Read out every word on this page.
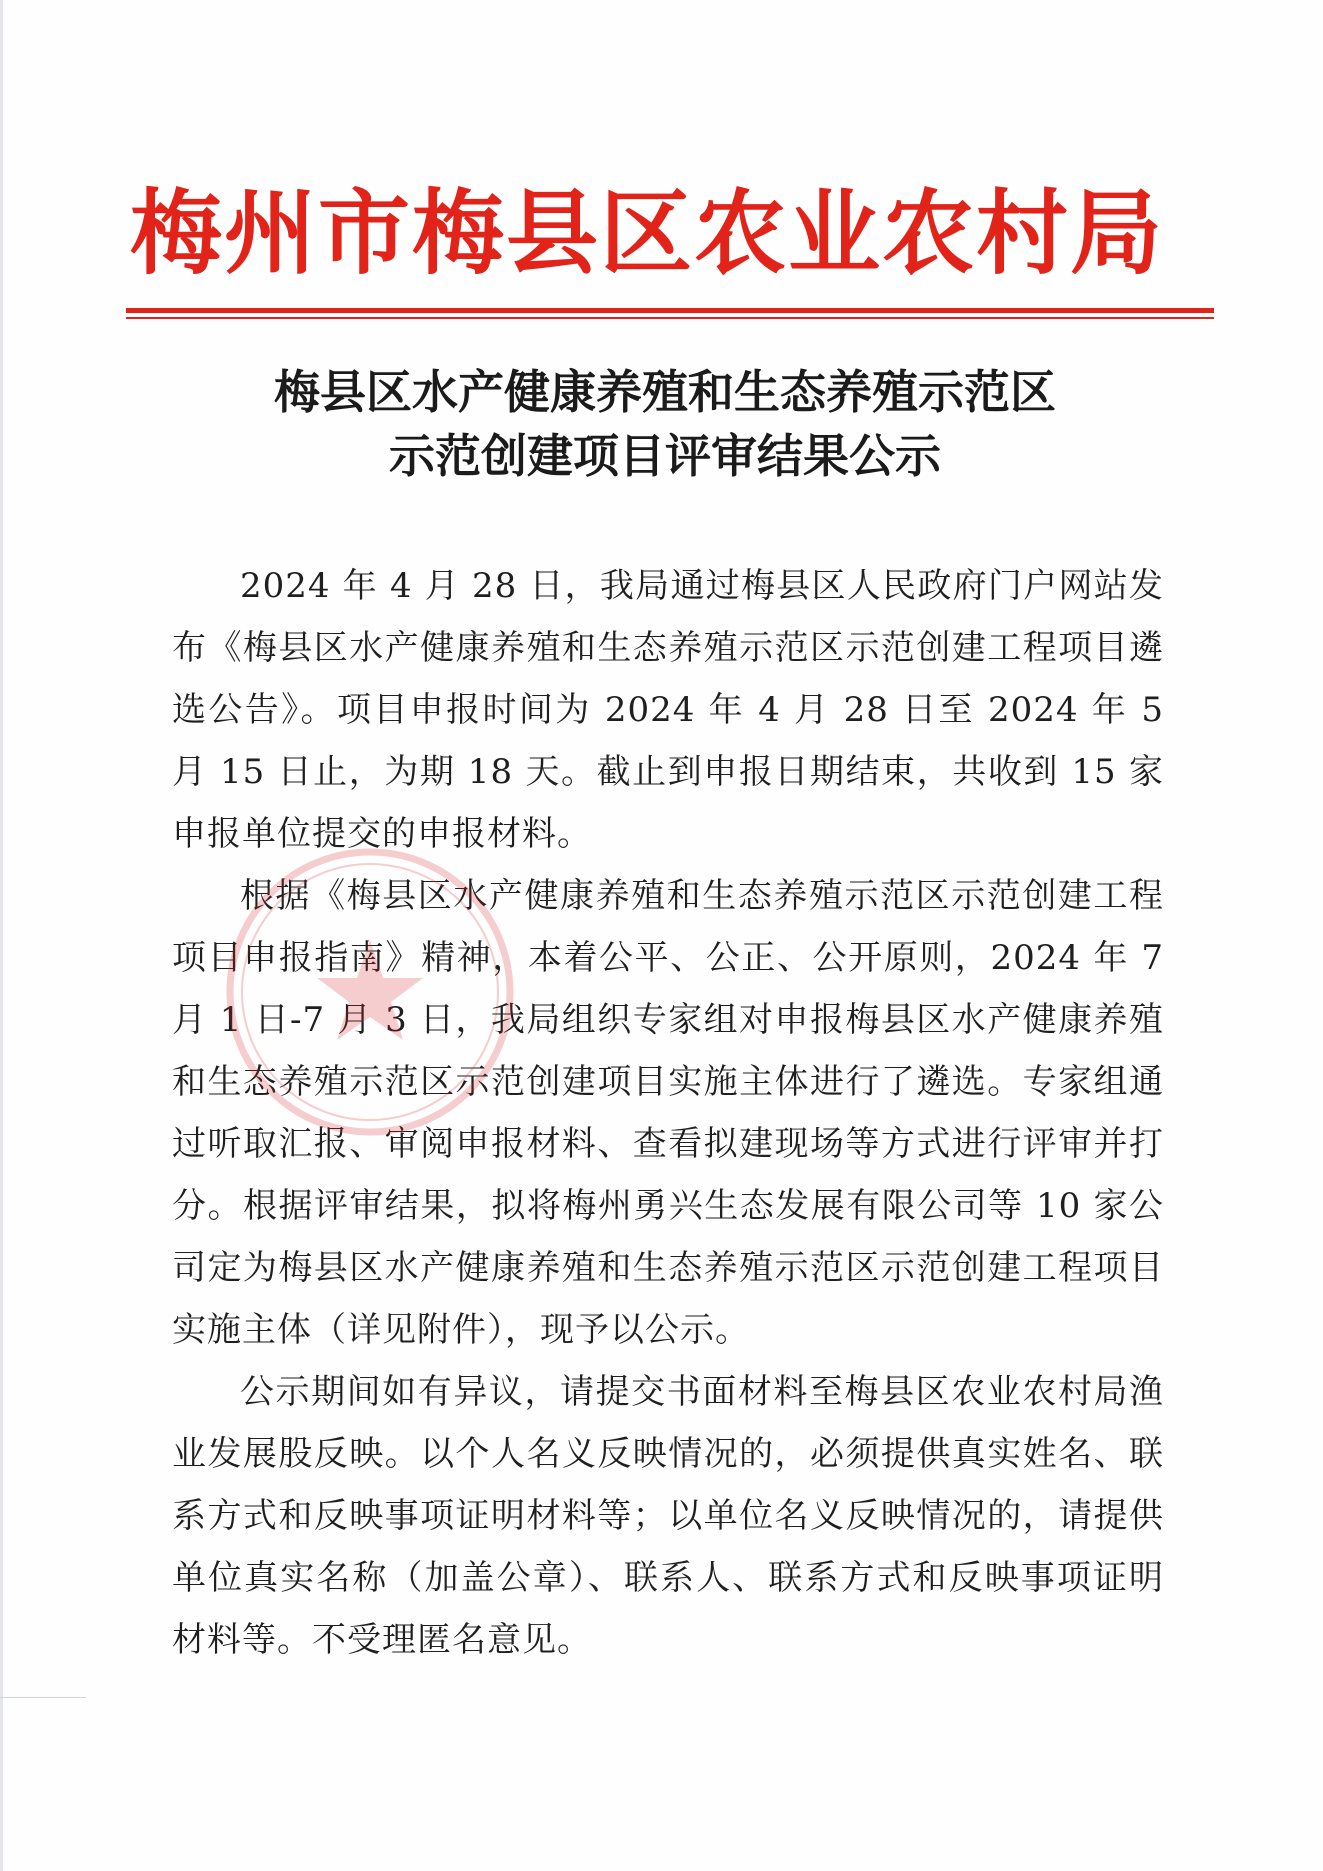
梅州市梅县区农业农村局
梅县区水产健康养殖和生态养殖示范区
示范创建项目评审结果公示

2024 年 4 月 28 日，我局通过梅县区人民政府门户网站发布《梅县区水产健康养殖和生态养殖示范区示范创建工程项目遴选公告》。项目申报时间为 2024 年 4 月 28 日至 2024 年 5 月 15 日止，为期 18 天。截止到申报日期结束，共收到 15 家申报单位提交的申报材料。

根据《梅县区水产健康养殖和生态养殖示范区示范创建工程项目申报指南》精神，本着公平、公正、公开原则，2024 年 7 月 1 日-7 月 3 日，我局组织专家组对申报梅县区水产健康养殖和生态养殖示范区示范创建项目实施主体进行了遴选。专家组通过听取汇报、审阅申报材料、查看拟建现场等方式进行评审并打分。根据评审结果，拟将梅州勇兴生态发展有限公司等 10 家公司定为梅县区水产健康养殖和生态养殖示范区示范创建工程项目实施主体（详见附件），现予以公示。

公示期间如有异议，请提交书面材料至梅县区农业农村局渔业发展股反映。以个人名义反映情况的，必须提供真实姓名、联系方式和反映事项证明材料等；以单位名义反映情况的，请提供单位真实名称（加盖公章）、联系人、联系方式和反映事项证明材料等。不受理匿名意见。
